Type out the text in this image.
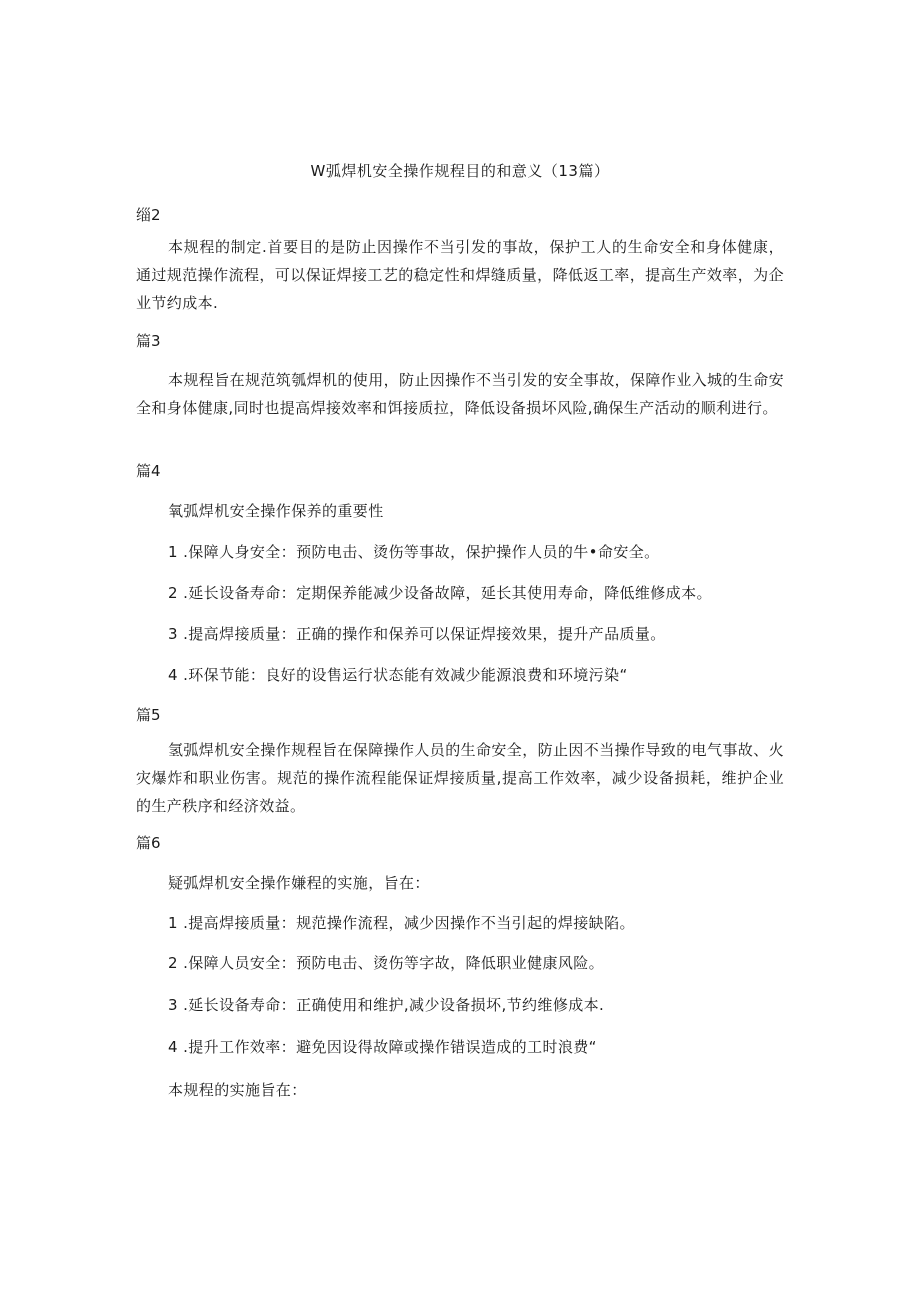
W弧焊机安全操作规程目的和意义（13篇）
缁2

本规程的制定.首要目的是防止因操作不当引发的事故，保护工人的生命安全和身体健康，通过规范操作流程，可以保证焊接工艺的稳定性和焊缝质量，降低返工率，提高生产效率，为企业节约成本.

篇3

本规程旨在规范筑瓠焊机的使用，防止因操作不当引发的安全事故，保障作业入城的生命安全和身体健康,同时也提高焊接效率和饵接质拉，降低设备损坏风险,确保生产活动的顺利进行。

篇4
氧弧焊机安全操作保养的重要性
1 .保障人身安全：预防电击、烫伤等事故，保护操作人员的牛•命安全。
2 .延长设备寿命：定期保养能减少设备故障，延长其使用寿命，降低维修成本。
3 .提高焊接质量：正确的操作和保养可以保证焊接效果，提升产品质量。
4 .环保节能：良好的设售运行状态能有效减少能源浪费和环境污染“
篇5

氢弧焊机安全操作规程旨在保障操作人员的生命安全，防止因不当操作导致的电气事故、火灾爆炸和职业伤害。规范的操作流程能保证焊接质量,提高工作效率，减少设备损耗，维护企业的生产秩序和经济效益。

篇6
疑弧焊机安全操作嫌程的实施，旨在：
1 .提高焊接质量：规范操作流程，减少因操作不当引起的焊接缺陷。
2 .保障人员安全：预防电击、烫伤等字故，降低职业健康风险。
3 .延长设备寿命：正确使用和维护,减少设备损坏,节约维修成本.
4 .提升工作效率：避免因设得故障或操作错误造成的工时浪费“
本规程的实施旨在：
